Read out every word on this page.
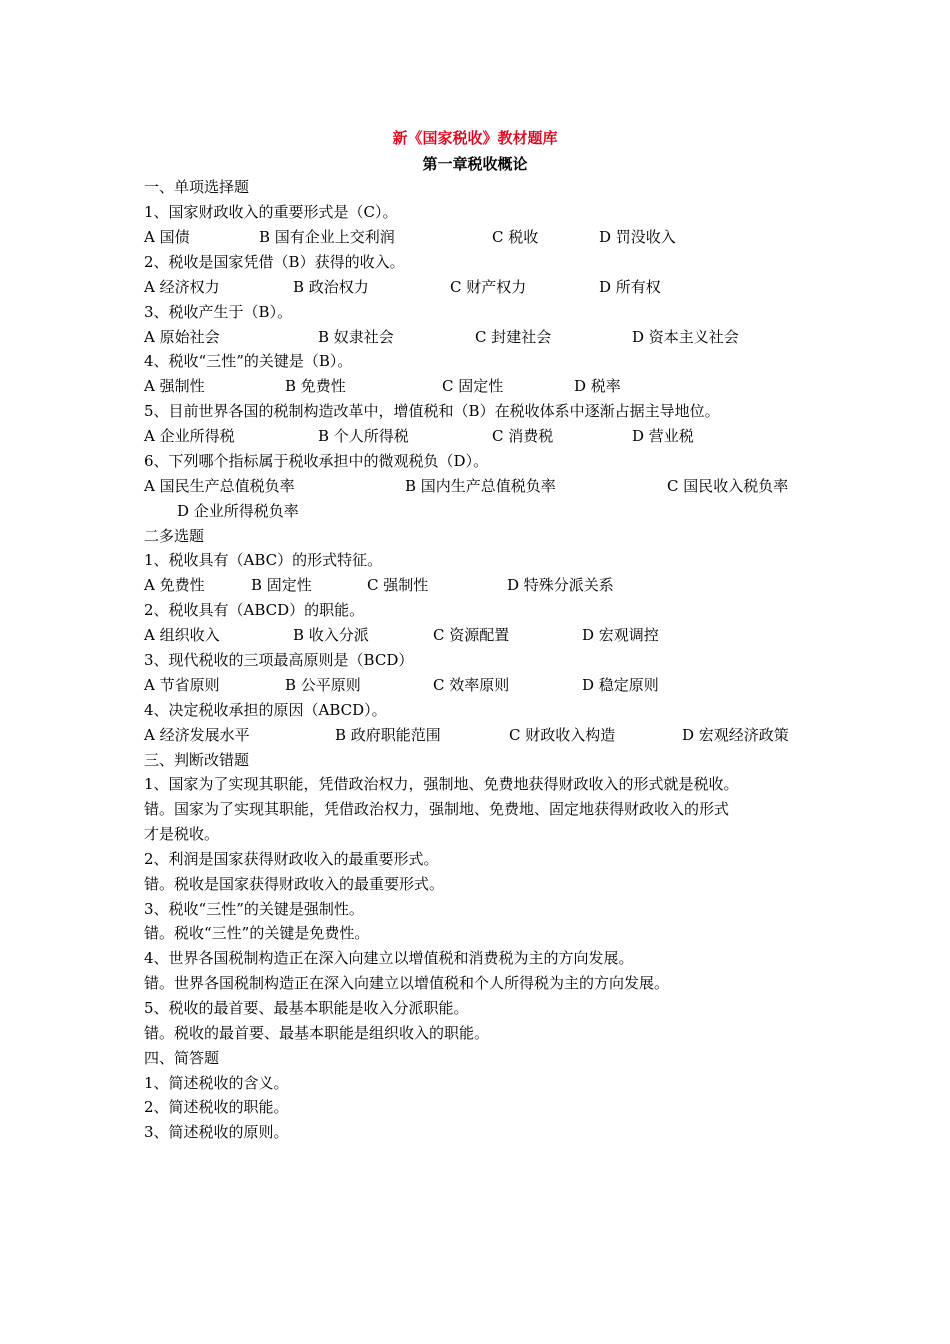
新《国家税收》教材题库
第一章税收概论
一、单项选择题
1、国家财政收入的重要形式是（C）。
A 国债	B 国有企业上交利润	C 税收	D 罚没收入
2、税收是国家凭借（B）获得的收入。
A 经济权力	B 政治权力	C 财产权力	D 所有权
3、税收产生于（B）。
A 原始社会	B 奴隶社会	C 封建社会	D 资本主义社会
4、税收“三性”的关键是（B）。
A 强制性	B 免费性	C 固定性	D 税率
5、目前世界各国的税制构造改革中，增值税和（B）在税收体系中逐渐占据主导地位。
A 企业所得税	B 个人所得税	C 消费税	D 营业税
6、下列哪个指标属于税收承担中的微观税负（D）。
A 国民生产总值税负率	B 国内生产总值税负率	C 国民收入税负率
D 企业所得税负率
二多选题
1、税收具有（ABC）的形式特征。
A 免费性	B 固定性	C 强制性	D 特殊分派关系
2、税收具有（ABCD）的职能。
A 组织收入	B 收入分派	C 资源配置	D 宏观调控
3、现代税收的三项最高原则是（BCD）
A 节省原则	B 公平原则	C 效率原则	D 稳定原则
4、决定税收承担的原因（ABCD）。
A 经济发展水平	B 政府职能范围	C 财政收入构造	D 宏观经济政策
三、判断改错题
1、国家为了实现其职能，凭借政治权力，强制地、免费地获得财政收入的形式就是税收。
错。国家为了实现其职能，凭借政治权力，强制地、免费地、固定地获得财政收入的形式
才是税收。
2、利润是国家获得财政收入的最重要形式。
错。税收是国家获得财政收入的最重要形式。
3、税收“三性”的关键是强制性。
错。税收“三性”的关键是免费性。
4、世界各国税制构造正在深入向建立以增值税和消费税为主的方向发展。
错。世界各国税制构造正在深入向建立以增值税和个人所得税为主的方向发展。
5、税收的最首要、最基本职能是收入分派职能。
错。税收的最首要、最基本职能是组织收入的职能。
四、简答题
1、简述税收的含义。
2、简述税收的职能。
3、简述税收的原则。
